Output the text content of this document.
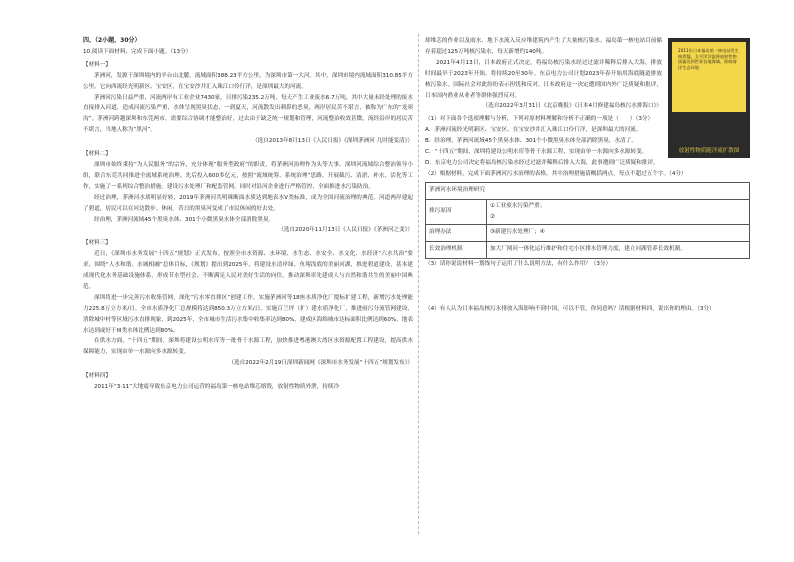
四、（2小题，30分）

10.阅读下面材料，完成下面小题。（13分）

【材料一】

茅洲河，发源于深圳境内的羊台山北麓，流域面积388.23平方公里，为深圳市第一大河。其中，深圳市境内流域面积310.85平方公里。它向西流经光明新区、宝安区，在宝安沙井汇入珠江口伶仃洋，是深圳最大的河流。

茅洲河污染日益严重，河流两岸有工业企业7430家，日排污染235.2万吨，每天产生工业废水6.7万吨，其中大量未经处理的废水直接排入河道，造成河流污染严重，水体呈现黑臭状态，一到夏天，河流散发出刺鼻的恶臭，两岸居民苦不堪言，被称为广东的“龙须沟”。茅洲河跨越深圳和东莞两市，需要综合协调才能整治好，过去由于缺乏统一规划和管理，河流整治收效甚微，流经沿岸的居民苦不堪言，当地人称为“黑河”。

（选自2013年8月13日《人民日报》《深圳茅洲河 几时能变清》）

【材料二】

深圳市始终秉持“为人民服务”的宗旨，充分体现“服务型政府”的职责，将茅洲河治理作为头等大事，深圳河流域综合整治领导小组，联合东莞共同推进全流域系统治理。先后投入600多亿元，按照“流域统筹、系统治理”思路，开展截污、清淤、补水、活化等工作，实施了一系列综合整治措施。建设污水处理厂和配套管网，同时对沿河企业进行严格管控，全面推进水污染防治。

经过治理，茅洲河水质明显好转，2019年茅洲河共明珠断面水质达到地表水V类标准，成为全国河流治理的典范。河道两岸建起了碧道，居民可以在河边散步、休闲。昔日的黑臭河变成了市民休闲的好去处。

经治理，茅洲河流域45个黑臭水体、301个小微黑臭水体全部消除黑臭。

（选自2020年11月13日《人民日报》《茅洲河之变》）

【材料三】

近日，《深圳市水务发展“十四五”规划》正式发布。按照全市水资源、水环境、水生态、水安全、水文化、水经济“六水共治”要求，围绕“人水和谐、水城相融”总体目标，《规划》提出到2025年，将建设水清岸绿、鱼翔浅底的美丽河湖，推进碧道建设，基本建成现代化水务基础设施体系，形成节水型社会，不断满足人民对美好生活的向往，推动深圳率先建成人与自然和谐共生的美丽中国典范。

深圳将进一步完善污水收集管网，深化“污水零直排区”创建工作。实施茅洲河等18座水质净化厂提标扩建工程，新增污水处理能力225.8万立方米/日，全市水质净化厂总规模将达到850.3万立方米/日。实施百兰坪（扩）建水质净化厂，推进雨污分流管网建设，消除城中村等区域污水直排现象，到2025年，全市城市生活污水集中收集率达到80%，建成区海绵城市达标面积比例达到60%，地表水达到或好于III类水体比例达到80%。

在供水方面，“十四五”期间，深圳将建设公明水库等一批骨干水源工程，加快推进粤港澳大湾区水资源配置工程建设，提高供水保障能力，实现由单一水源向多水源转变。

（选自2022年2月19日深圳新闻网《深圳市水务发展“十四五”规划发布》）

【材料四】

2011年“3·11”大地震导致东京电力公司运营的福岛第一核电站堆芯熔毁，放射性物质外泄，持续冷

2011年日本福岛第一核电站发生核泄漏，太平洋洋流将放射性物质输送到世界各地海域，影响海洋生态环境
放射性物质随洋流扩散图

却堆芯的作业以及雨水、地下水流入反应堆建筑内产生了大量核污染水。福岛第一核电站目前储存着超过125万吨核污染水，每天新增约140吨。

2021年4月13日，日本政府正式决定，将福岛核污染水经过过滤并稀释后排入大海，排放时间最早于2023年开始，将持续20至30年。东京电力公司计划2023年春开始用海底隧道排放核污染水。国际社会对此纷纷表示担忧和反对。日本政府这一决定遭到国内外广泛质疑和批评，日本国内渔业从业者等群体强烈反对。

（选自2022年3月31日《北京晚报》《日本4月修建福岛核污水排海口》）

（1）对下面各个选项理解与分析，下列对原材料理解和分析不正确的一项是（　　）（3分）

A．茅洲河流经光明新区、宝安区，在宝安沙井汇入珠江口伶仃洋，是深圳最大的河流。

B．经治理，茅洲河流域45个黑臭水体、301个小微黑臭水体全部消除黑臭，水清了。

C．“十四五”期间，深圳将建设公明水库等骨干水源工程，实现由单一水源向多水源转变。

D．东京电力公司决定将福岛核污染水经过过滤并稀释后排入大海，此事遭到广泛质疑和批评。

（2）根据材料，完成下面茅洲河污水治理的表格，其中治理措施请概括两点，每点不超过五个字。（4分）

茅洲河水环境治理研究	
排污原因	①工业废水污染严重；
②

治理办法	③新建污水处理厂；④

长效治理机制	加大厂网河一体化运行维护和住宅小区排水管理力度，建立河湖管养长效机制。

（3）请你说说材料一划线句子运用了什么说明方法，有什么作用？（3分）

（4）有人认为日本福岛核污水排放入海影响不到中国，可以不管，你同意吗？请根据材料四，说出你的理由。（3分）
